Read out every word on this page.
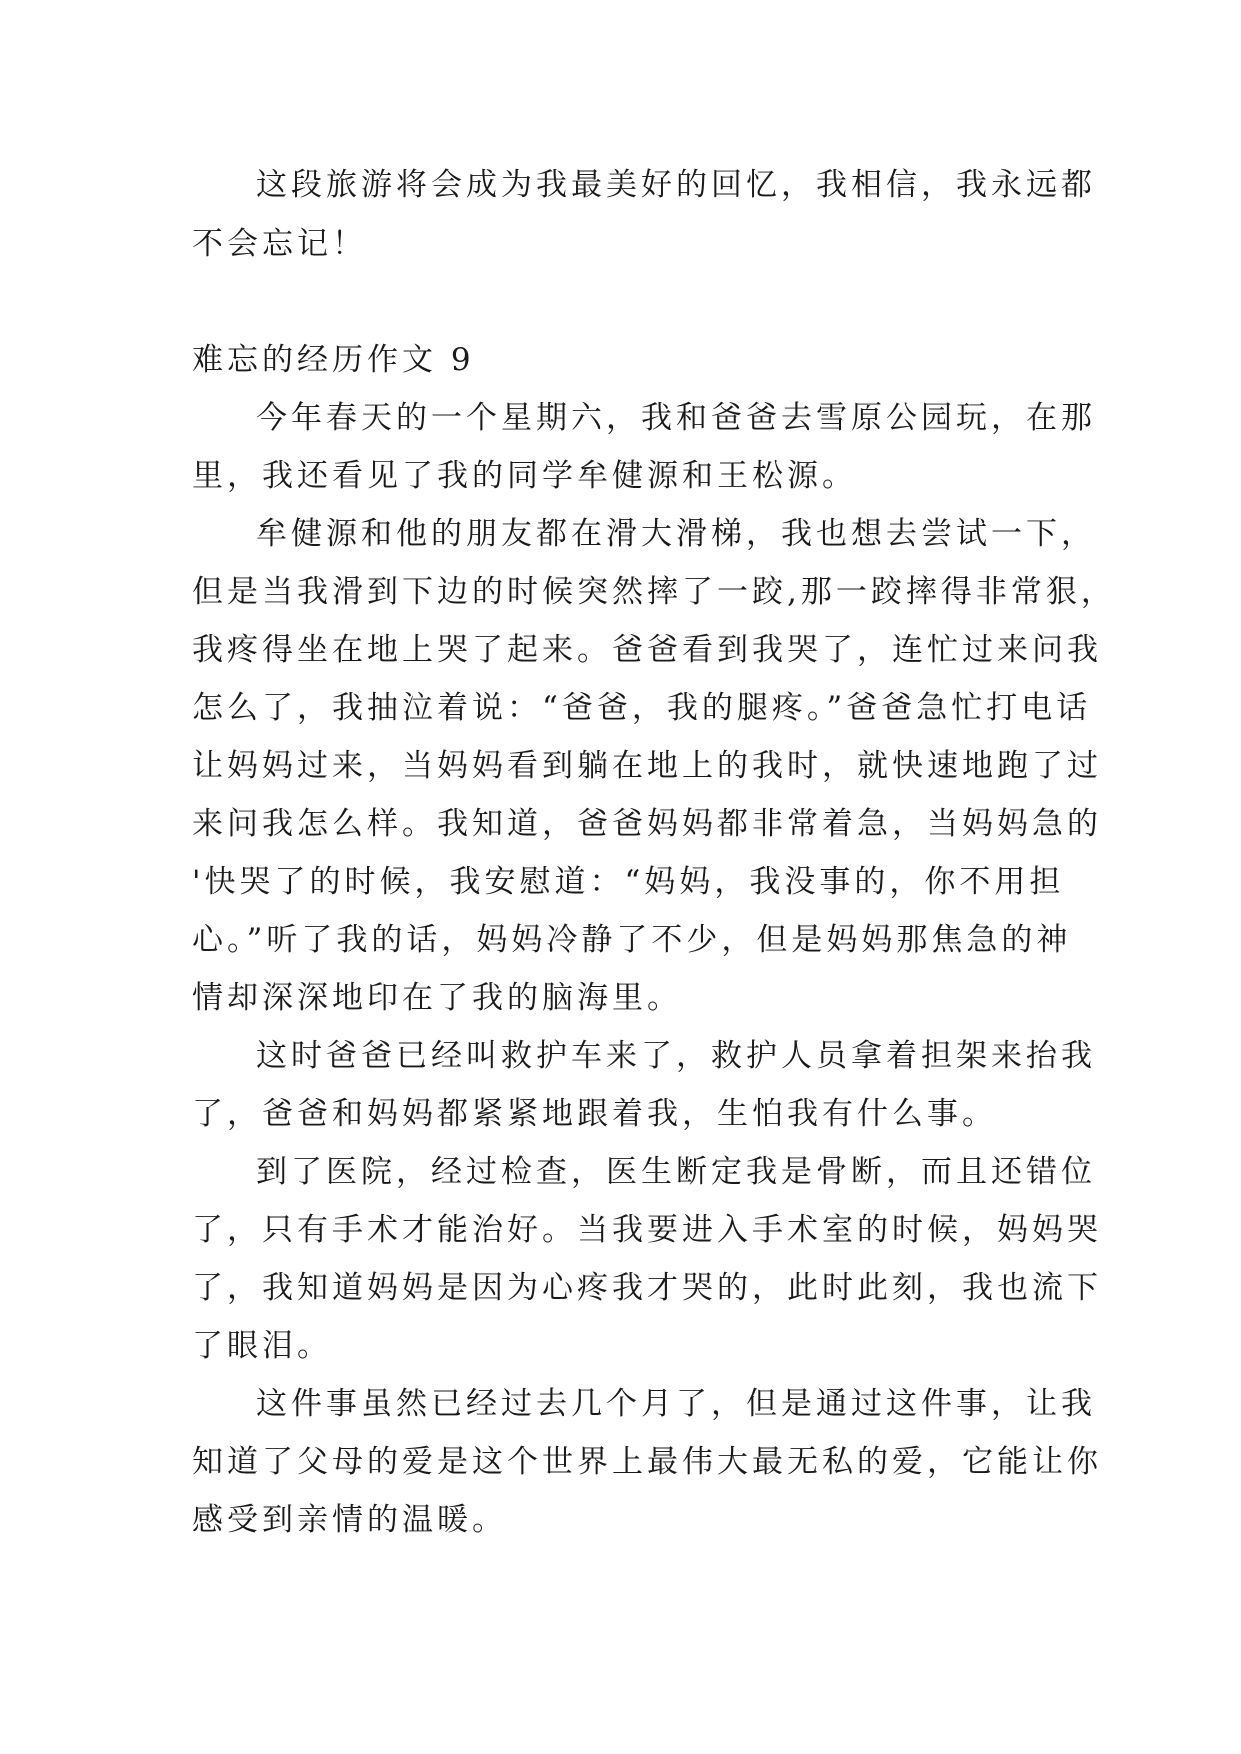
这段旅游将会成为我最美好的回忆，我相信，我永远都
不会忘记！
难忘的经历作文 9
今年春天的一个星期六，我和爸爸去雪原公园玩，在那
里，我还看见了我的同学牟健源和王松源。
牟健源和他的朋友都在滑大滑梯，我也想去尝试一下，
但是当我滑到下边的时候突然摔了一跤,那一跤摔得非常狠，
我疼得坐在地上哭了起来。爸爸看到我哭了，连忙过来问我
怎么了，我抽泣着说：“爸爸，我的腿疼。”爸爸急忙打电话
让妈妈过来，当妈妈看到躺在地上的我时，就快速地跑了过
来问我怎么样。我知道，爸爸妈妈都非常着急，当妈妈急的
'快哭了的时候，我安慰道：“妈妈，我没事的，你不用担
心。”听了我的话，妈妈冷静了不少，但是妈妈那焦急的神
情却深深地印在了我的脑海里。
这时爸爸已经叫救护车来了，救护人员拿着担架来抬我
了，爸爸和妈妈都紧紧地跟着我，生怕我有什么事。
到了医院，经过检查，医生断定我是骨断，而且还错位
了，只有手术才能治好。当我要进入手术室的时候，妈妈哭
了，我知道妈妈是因为心疼我才哭的，此时此刻，我也流下
了眼泪。
这件事虽然已经过去几个月了，但是通过这件事，让我
知道了父母的爱是这个世界上最伟大最无私的爱，它能让你
感受到亲情的温暖。
